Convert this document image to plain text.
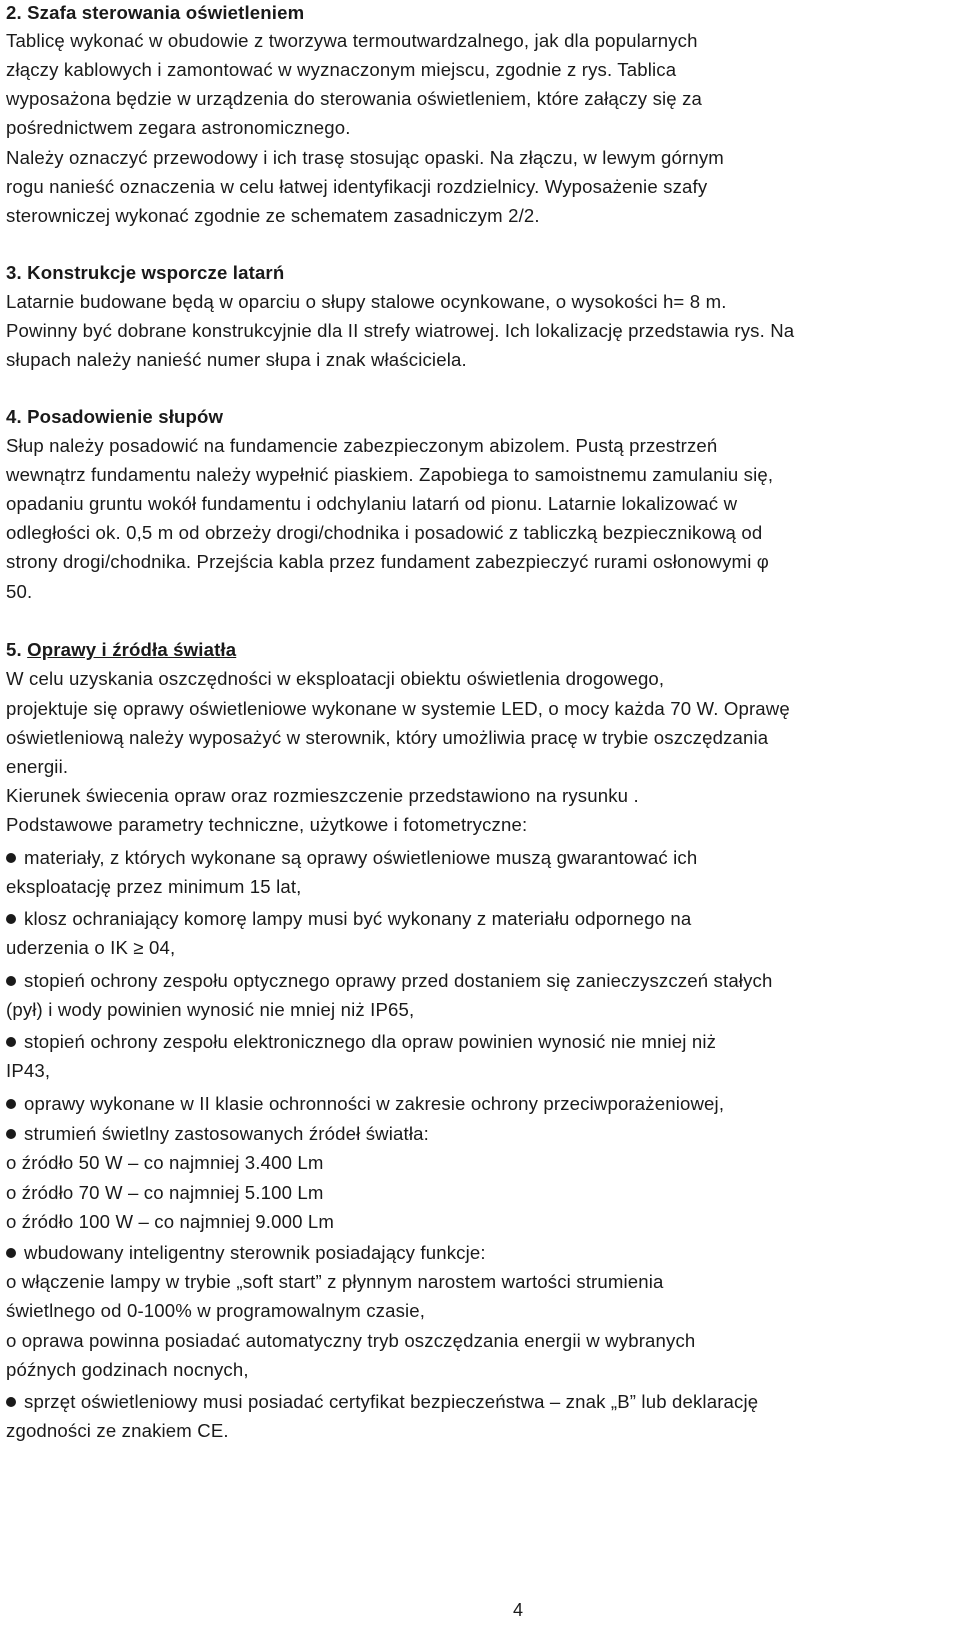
2. Szafa sterowania oświetleniem
Tablicę wykonać w obudowie z tworzywa termoutwardzalnego, jak dla popularnych
złączy kablowych i zamontować w wyznaczonym miejscu, zgodnie z rys. Tablica
wyposażona będzie w urządzenia do sterowania oświetleniem, które załączy się za
pośrednictwem zegara astronomicznego.
Należy oznaczyć przewodowy i ich trasę stosując opaski. Na złączu, w lewym górnym
rogu nanieść oznaczenia w celu łatwej identyfikacji rozdzielnicy. Wyposażenie szafy
sterowniczej wykonać zgodnie ze schematem zasadniczym 2/2.
3. Konstrukcje wsporcze latarń
Latarnie budowane będą w oparciu o słupy stalowe ocynkowane, o wysokości h= 8 m.
Powinny być dobrane konstrukcyjnie dla II strefy wiatrowej. Ich lokalizację przedstawia rys. Na
słupach należy nanieść numer słupa i znak właściciela.
4. Posadowienie słupów
Słup należy posadowić na fundamencie zabezpieczonym abizolem. Pustą przestrzeń
wewnątrz fundamentu należy wypełnić piaskiem. Zapobiega to samoistnemu zamulaniu się,
opadaniu gruntu wokół fundamentu i odchylaniu latarń od pionu. Latarnie lokalizować w
odległości ok. 0,5 m od obrzeży drogi/chodnika i posadowić z tabliczką bezpiecznikową od
strony drogi/chodnika. Przejścia kabla przez fundament zabezpieczyć rurami osłonowymi φ
50.
5. Oprawy i źródła światła
W celu uzyskania oszczędności w eksploatacji obiektu oświetlenia drogowego,
projektuje się oprawy oświetleniowe wykonane w systemie LED, o mocy każda 70 W. Oprawę
oświetleniową należy wyposażyć w sterownik, który umożliwia pracę w trybie oszczędzania
energii.
Kierunek świecenia opraw oraz rozmieszczenie przedstawiono na rysunku .
Podstawowe parametry techniczne, użytkowe i fotometryczne:
materiały, z których wykonane są oprawy oświetleniowe muszą gwarantować ich
eksploatację przez minimum 15 lat,
klosz ochraniający komorę lampy musi być wykonany z materiału odpornego na
uderzenia o IK ≥ 04,
stopień ochrony zespołu optycznego oprawy przed dostaniem się zanieczyszczeń stałych
(pył) i wody powinien wynosić nie mniej niż IP65,
stopień ochrony zespołu elektronicznego dla opraw powinien wynosić nie mniej niż
IP43,
oprawy wykonane w II klasie ochronności w zakresie ochrony przeciwporażeniowej,
strumień świetlny zastosowanych źródeł światła:
o źródło 50 W – co najmniej 3.400 Lm
o źródło 70 W – co najmniej 5.100 Lm
o źródło 100 W – co najmniej 9.000 Lm
wbudowany inteligentny sterownik posiadający funkcje:
o włączenie lampy w trybie „soft start” z płynnym narostem wartości strumienia
świetlnego od 0-100% w programowalnym czasie,
o oprawa powinna posiadać automatyczny tryb oszczędzania energii w wybranych
późnych godzinach nocnych,
sprzęt oświetleniowy musi posiadać certyfikat bezpieczeństwa – znak „B” lub deklarację
zgodności ze znakiem CE.
4
